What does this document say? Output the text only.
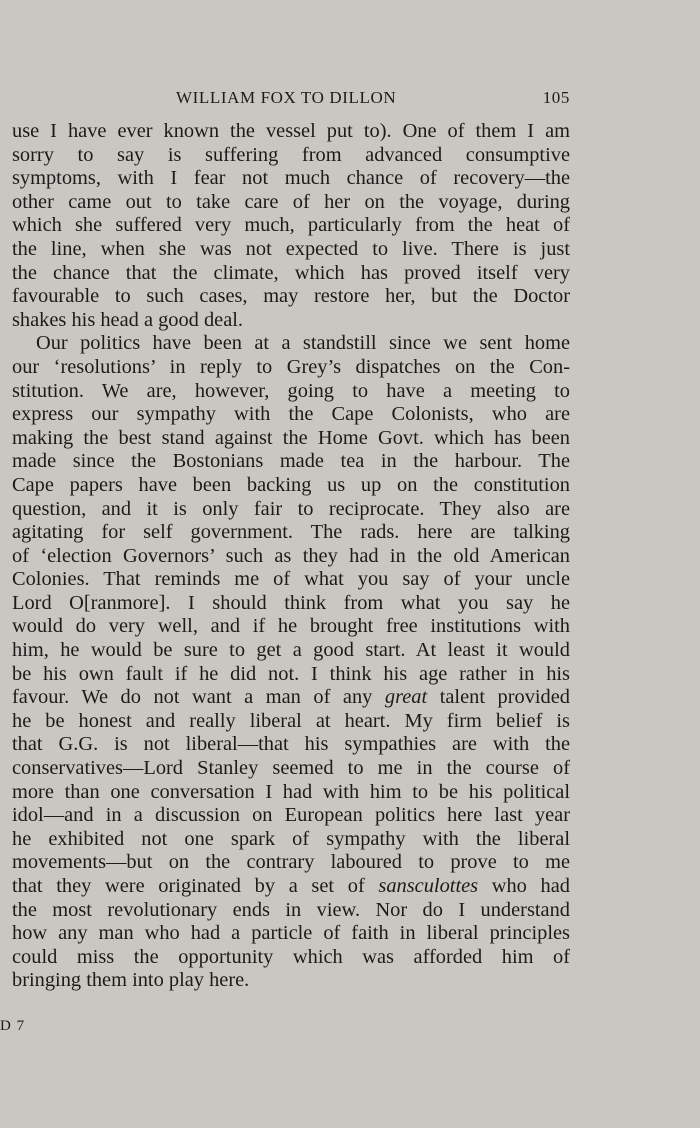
WILLIAM FOX TO DILLON	105
use I have ever known the vessel put to). One of them I am
sorry to say is suffering from advanced consumptive
symptoms, with I fear not much chance of recovery—the
other came out to take care of her on the voyage, during
which she suffered very much, particularly from the heat of
the line, when she was not expected to live. There is just
the chance that the climate, which has proved itself very
favourable to such cases, may restore her, but the Doctor
shakes his head a good deal.
Our politics have been at a standstill since we sent home
our ‘resolutions’ in reply to Grey’s dispatches on the Con-
stitution. We are, however, going to have a meeting to
express our sympathy with the Cape Colonists, who are
making the best stand against the Home Govt. which has been
made since the Bostonians made tea in the harbour. The
Cape papers have been backing us up on the constitution
question, and it is only fair to reciprocate. They also are
agitating for self government. The rads. here are talking
of ‘election Governors’ such as they had in the old American
Colonies. That reminds me of what you say of your uncle
Lord O[ranmore]. I should think from what you say he
would do very well, and if he brought free institutions with
him, he would be sure to get a good start. At least it would
be his own fault if he did not. I think his age rather in his
favour. We do not want a man of any great talent provided
he be honest and really liberal at heart. My firm belief is
that G.G. is not liberal—that his sympathies are with the
conservatives—Lord Stanley seemed to me in the course of
more than one conversation I had with him to be his political
idol—and in a discussion on European politics here last year
he exhibited not one spark of sympathy with the liberal
movements—but on the contrary laboured to prove to me
that they were originated by a set of sansculottes who had
the most revolutionary ends in view. Nor do I understand
how any man who had a particle of faith in liberal principles
could miss the opportunity which was afforded him of
bringing them into play here.
D 7
